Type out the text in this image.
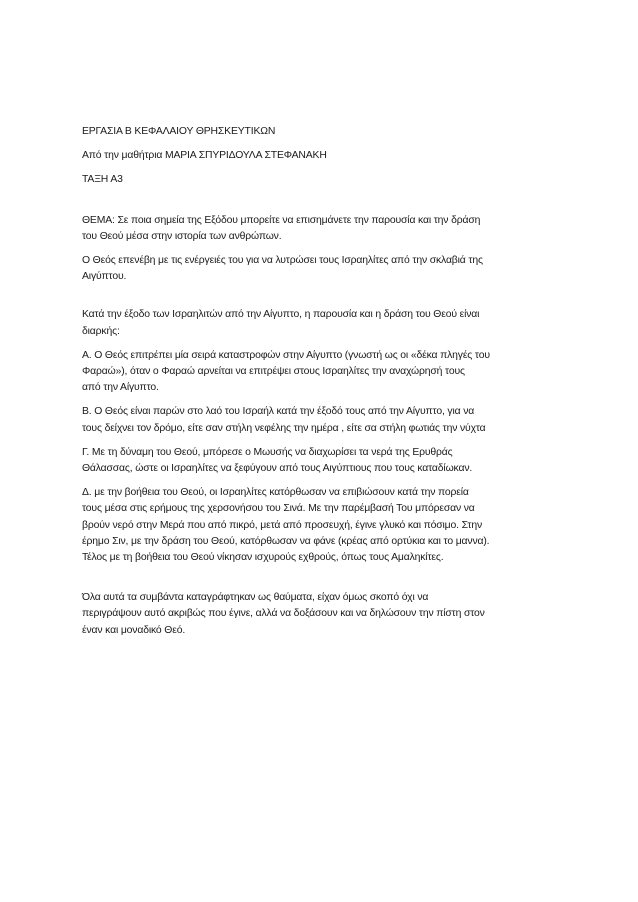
ΕΡΓΑΣΙΑ Β ΚΕΦΑΛΑΙΟΥ ΘΡΗΣΚΕΥΤΙΚΩΝ

Από την μαθήτρια ΜΑΡΙΑ ΣΠΥΡΙΔΟΥΛΑ ΣΤΕΦΑΝΑΚΗ

ΤΑΞΗ Α3

ΘΕΜΑ: Σε ποια σημεία της Εξόδου μπορείτε να επισημάνετε την παρουσία και την δράση
του Θεού μέσα στην ιστορία των ανθρώπων.

Ο Θεός επενέβη με τις ενέργειές του για να λυτρώσει τους Ισραηλίτες από την σκλαβιά της
Αιγύπτου.

Κατά την έξοδο των Ισραηλιτών από την Αίγυπτο, η παρουσία και η δράση του Θεού είναι
διαρκής:

Α. Ο Θεός επιτρέπει μία σειρά καταστροφών στην Αίγυπτο (γνωστή ως οι «δέκα πληγές του
Φαραώ»), όταν ο Φαραώ αρνείται να επιτρέψει στους Ισραηλίτες την αναχώρησή τους
από την Αίγυπτο.

Β. Ο Θεός είναι παρών στο λαό του Ισραήλ κατά την έξοδό τους από την Αίγυπτο, για να
τους δείχνει τον δρόμο, είτε σαν στήλη νεφέλης την ημέρα , είτε σα στήλη φωτιάς την νύχτα

Γ. Με τη δύναμη του Θεού, μπόρεσε ο Μωυσής να διαχωρίσει τα νερά της Ερυθράς
Θάλασσας, ώστε οι Ισραηλίτες να ξεφύγουν από τους Αιγύπτιους που τους καταδίωκαν.

Δ. με την βοήθεια του Θεού, οι Ισραηλίτες κατόρθωσαν να επιβιώσουν κατά την πορεία
τους μέσα στις ερήμους της χερσονήσου του Σινά. Με την παρέμβασή Του μπόρεσαν να
βρούν νερό στην Μερά που από πικρό, μετά από προσευχή, έγινε γλυκό και πόσιμο. Στην
έρημο Σιν, με την δράση του Θεού, κατόρθωσαν να φάνε (κρέας από ορτύκια και το μαννα).
Τέλος με τη βοήθεια του Θεού νίκησαν ισχυρούς εχθρούς, όπως τους Αμαληκίτες.

Όλα αυτά τα συμβάντα καταγράφτηκαν ως θαύματα, είχαν όμως σκοπό όχι να
περιγράψουν αυτό ακριβώς που έγινε, αλλά να δοξάσουν και να δηλώσουν την πίστη στον
έναν και μοναδικό Θεό.
